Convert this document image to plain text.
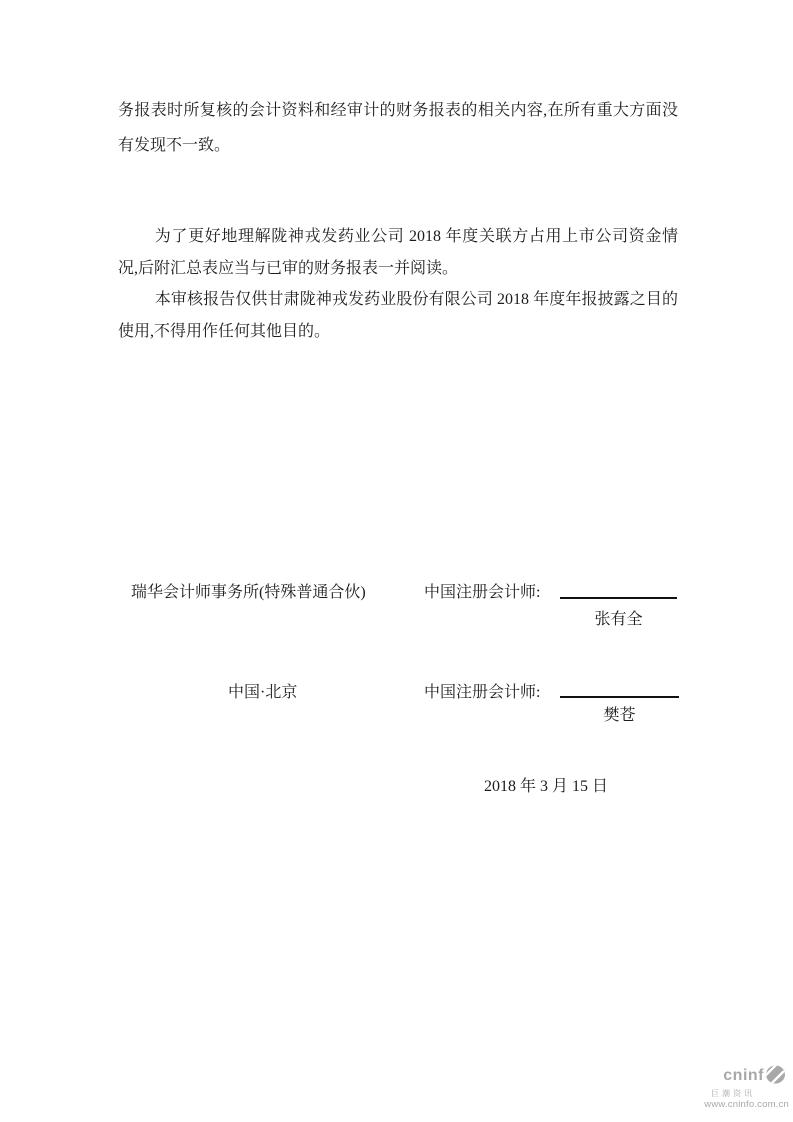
务报表时所复核的会计资料和经审计的财务报表的相关内容,在所有重大方面没有发现不一致。

为了更好地理解陇神戎发药业公司 2018 年度关联方占用上市公司资金情况,后附汇总表应当与已审的财务报表一并阅读。

本审核报告仅供甘肃陇神戎发药业股份有限公司 2018 年度年报披露之目的使用,不得用作任何其他目的。

瑞华会计师事务所(特殊普通合伙)	中国注册会计师:
张有全
中国·北京	中国注册会计师:
樊苍
2018 年 3 月 15 日
cninf
巨潮资讯
www.cninfo.com.cn
